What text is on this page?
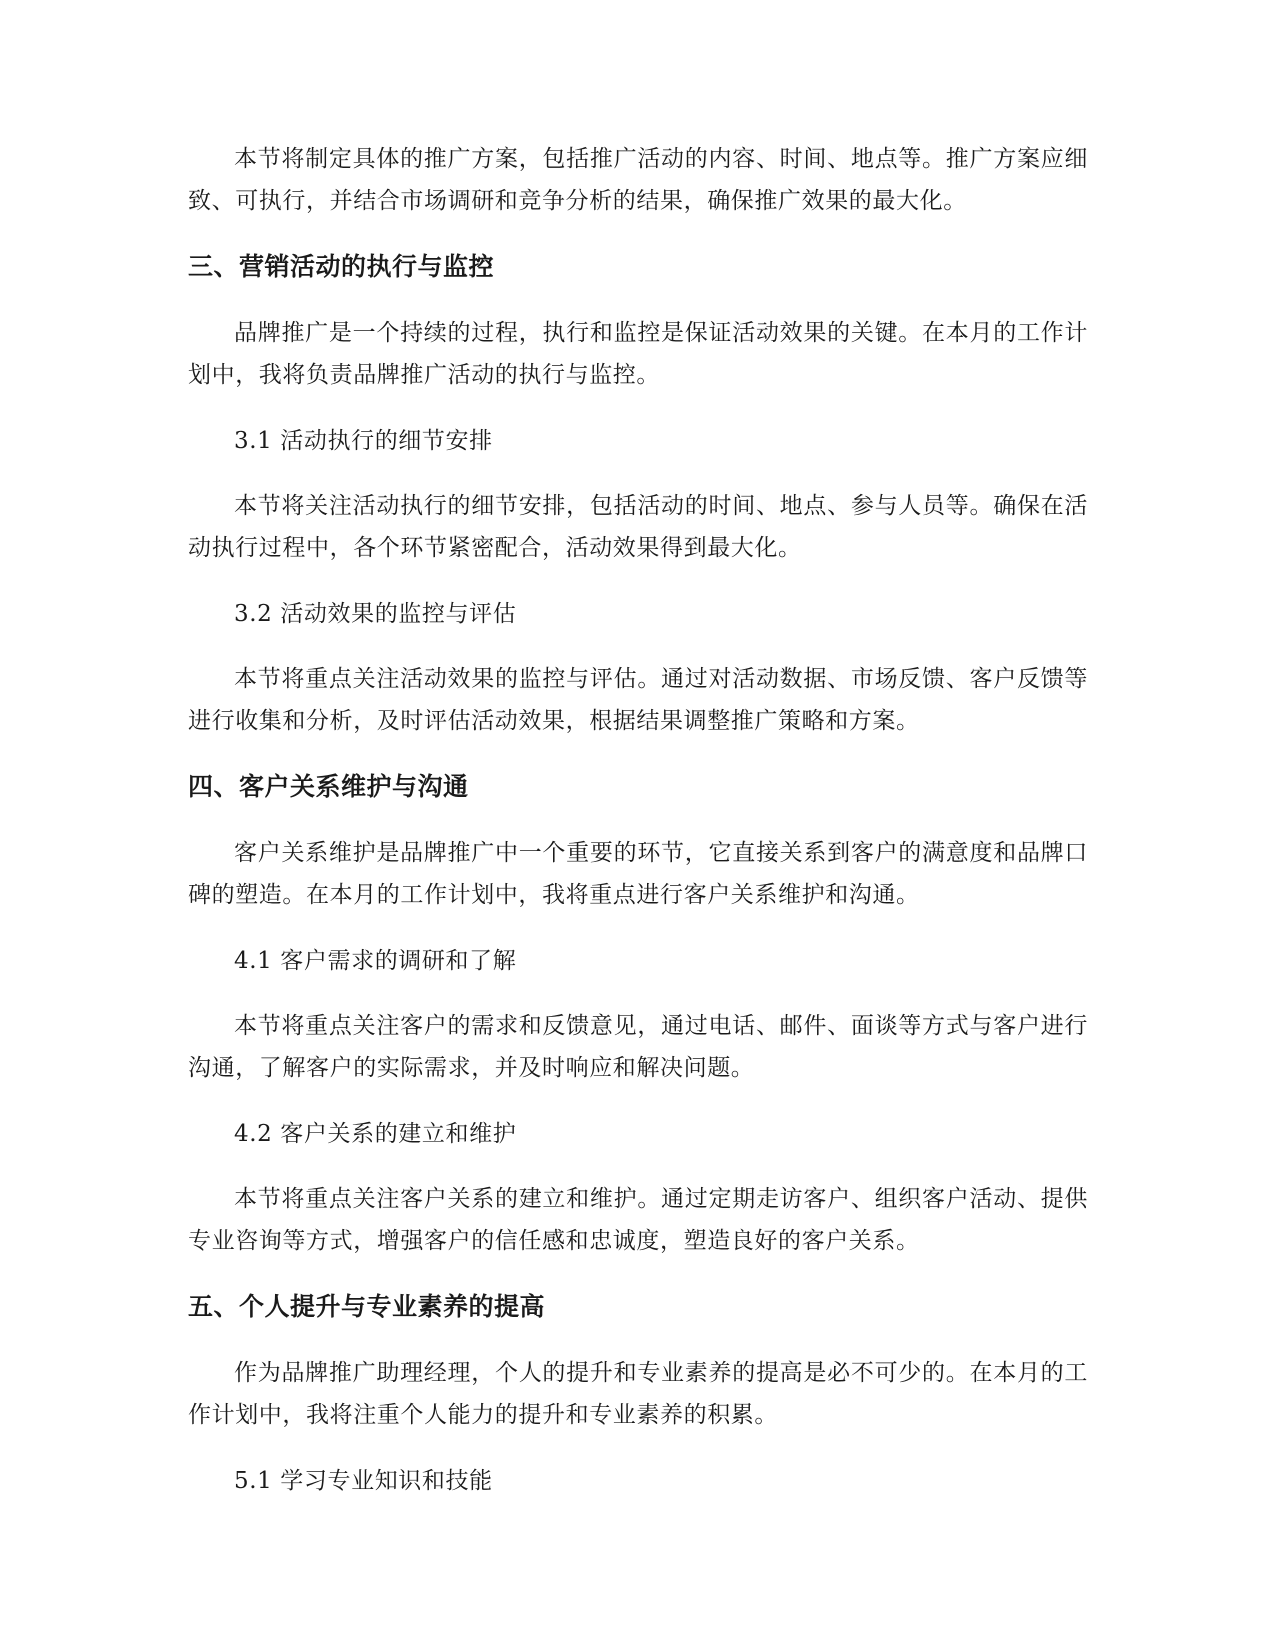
本节将制定具体的推广方案，包括推广活动的内容、时间、地点等。推广方案应细致、可执行，并结合市场调研和竞争分析的结果，确保推广效果的最大化。

三、营销活动的执行与监控

品牌推广是一个持续的过程，执行和监控是保证活动效果的关键。在本月的工作计划中，我将负责品牌推广活动的执行与监控。

3.1 活动执行的细节安排

本节将关注活动执行的细节安排，包括活动的时间、地点、参与人员等。确保在活动执行过程中，各个环节紧密配合，活动效果得到最大化。

3.2 活动效果的监控与评估

本节将重点关注活动效果的监控与评估。通过对活动数据、市场反馈、客户反馈等进行收集和分析，及时评估活动效果，根据结果调整推广策略和方案。

四、客户关系维护与沟通

客户关系维护是品牌推广中一个重要的环节，它直接关系到客户的满意度和品牌口碑的塑造。在本月的工作计划中，我将重点进行客户关系维护和沟通。

4.1 客户需求的调研和了解

本节将重点关注客户的需求和反馈意见，通过电话、邮件、面谈等方式与客户进行沟通，了解客户的实际需求，并及时响应和解决问题。

4.2 客户关系的建立和维护

本节将重点关注客户关系的建立和维护。通过定期走访客户、组织客户活动、提供专业咨询等方式，增强客户的信任感和忠诚度，塑造良好的客户关系。

五、个人提升与专业素养的提高

作为品牌推广助理经理，个人的提升和专业素养的提高是必不可少的。在本月的工作计划中，我将注重个人能力的提升和专业素养的积累。

5.1 学习专业知识和技能
